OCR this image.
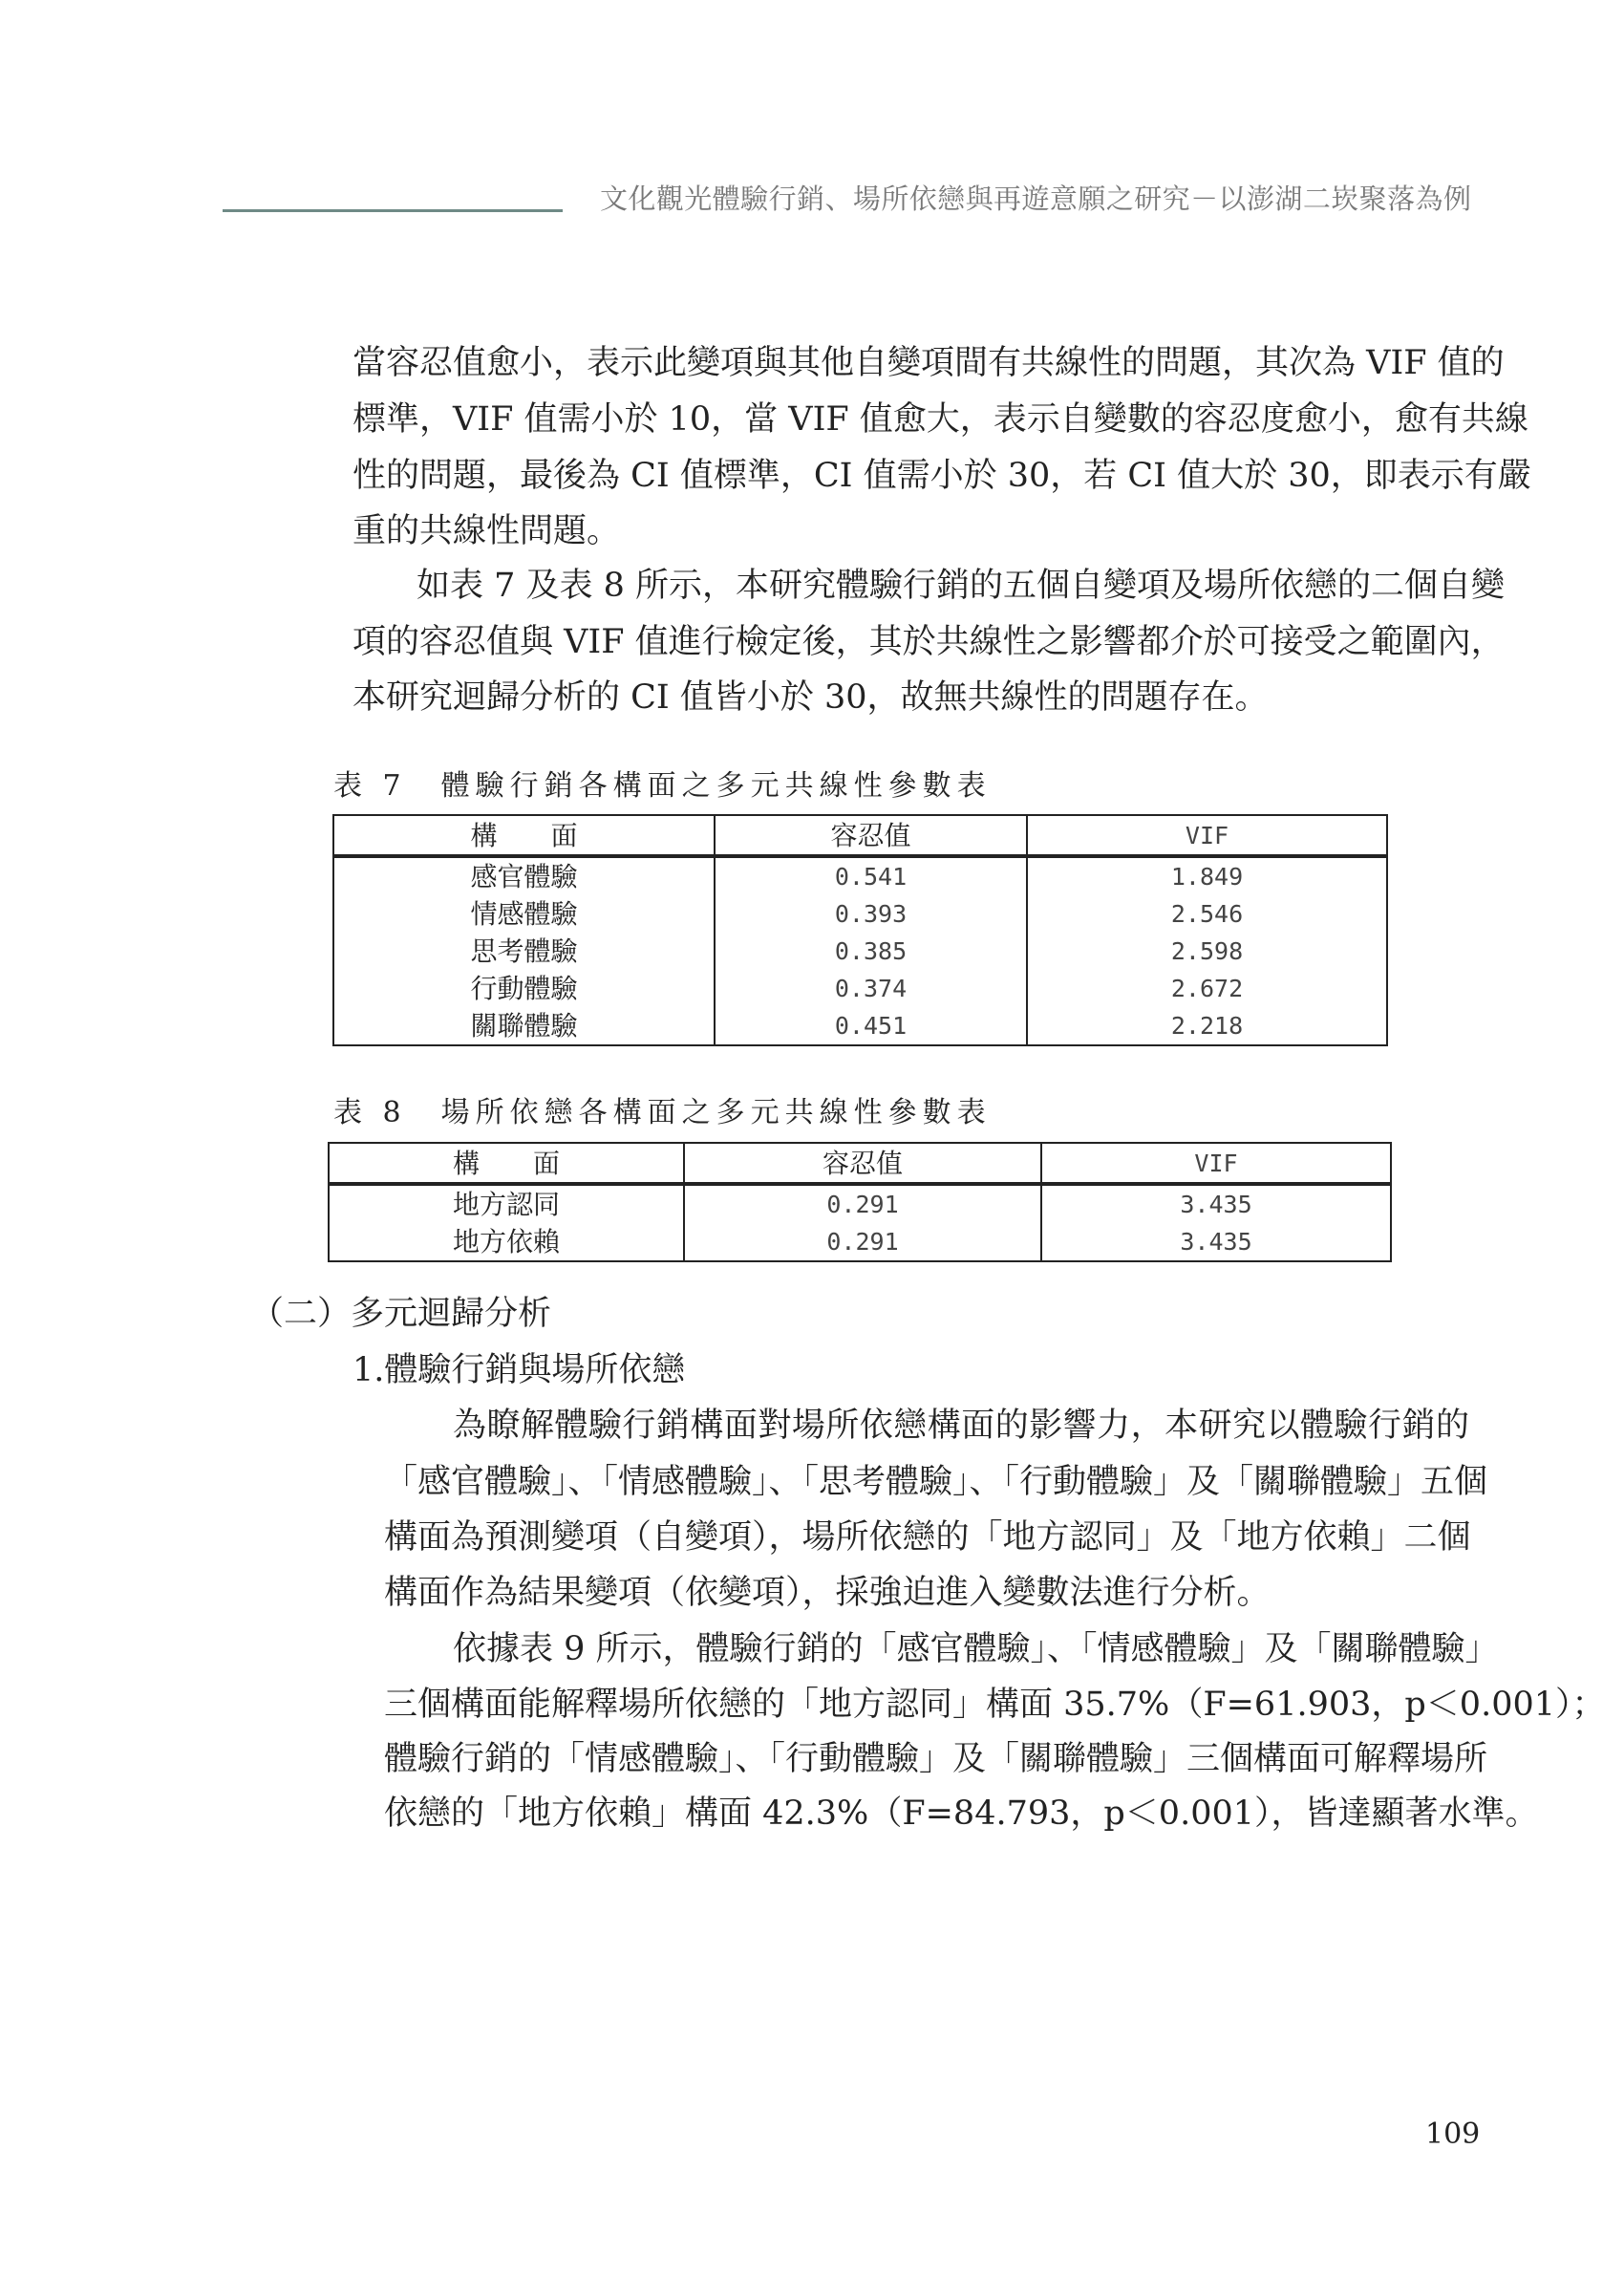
文化觀光體驗行銷、場所依戀與再遊意願之研究－以澎湖二崁聚落為例
當容忍值愈小，表示此變項與其他自變項間有共線性的問題，其次為 VIF 值的
標準，VIF 值需小於 10，當 VIF 值愈大，表示自變數的容忍度愈小，愈有共線
性的問題，最後為 CI 值標準，CI 值需小於 30，若 CI 值大於 30，即表示有嚴
重的共線性問題。
如表 7 及表 8 所示，本研究體驗行銷的五個自變項及場所依戀的二個自變
項的容忍值與 VIF 值進行檢定後，其於共線性之影響都介於可接受之範圍內，
本研究迴歸分析的 CI 值皆小於 30，故無共線性的問題存在。
表 7　體驗行銷各構面之多元共線性參數表
構　　面	容忍值	VIF
感官體驗	0.541	1.849
情感體驗	0.393	2.546
思考體驗	0.385	2.598
行動體驗	0.374	2.672
關聯體驗	0.451	2.218
表 8　場所依戀各構面之多元共線性參數表
構　　面	容忍值	VIF
地方認同	0.291	3.435
地方依賴	0.291	3.435
（二）多元迴歸分析
1.體驗行銷與場所依戀
為瞭解體驗行銷構面對場所依戀構面的影響力，本研究以體驗行銷的
「感官體驗」、「情感體驗」、「思考體驗」、「行動體驗」及「關聯體驗」五個
構面為預測變項（自變項），場所依戀的「地方認同」及「地方依賴」二個
構面作為結果變項（依變項），採強迫進入變數法進行分析。
依據表 9 所示，體驗行銷的「感官體驗」、「情感體驗」及「關聯體驗」
三個構面能解釋場所依戀的「地方認同」構面 35.7%（F=61.903，p＜0.001）；
體驗行銷的「情感體驗」、「行動體驗」及「關聯體驗」三個構面可解釋場所
依戀的「地方依賴」構面 42.3%（F=84.793，p＜0.001），皆達顯著水準。
109
